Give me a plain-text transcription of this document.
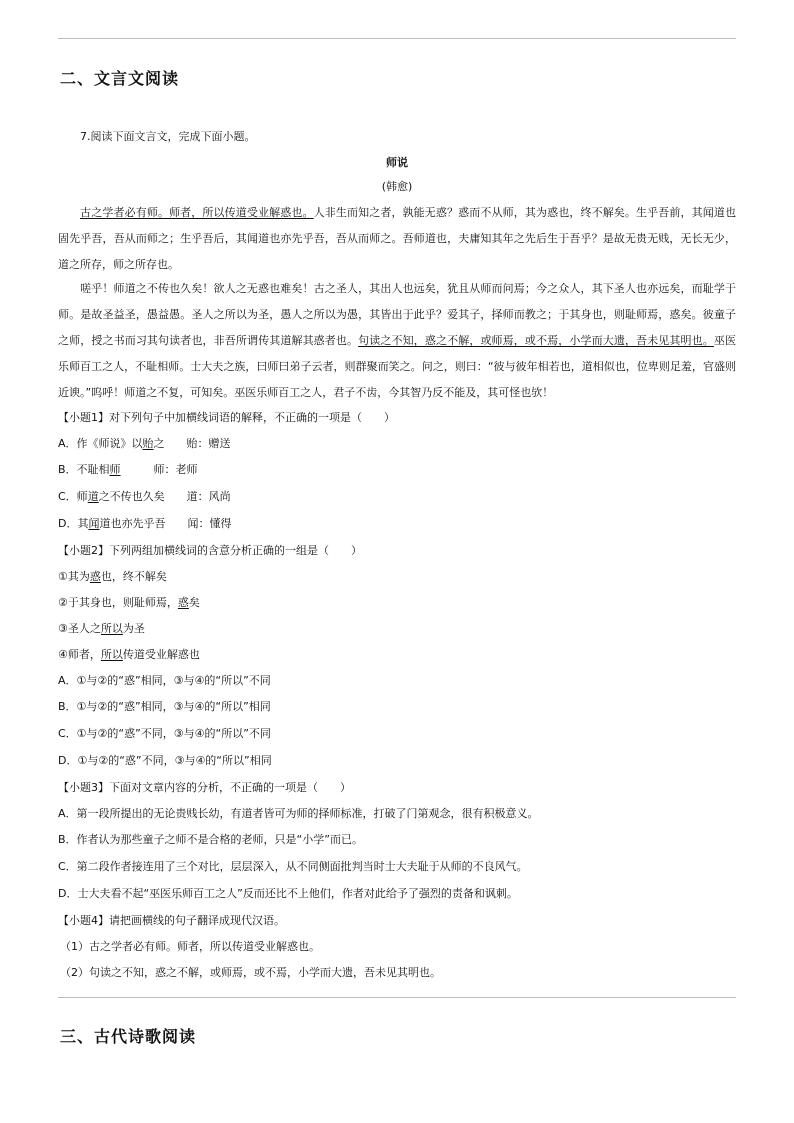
二、文言文阅读

7.阅读下面文言文，完成下面小题。

师说

(韩愈)

古之学者必有师。师者，所以传道受业解惑也。人非生而知之者，孰能无惑？惑而不从师，其为惑也，终不解矣。生乎吾前，其闻道也固先乎吾，吾从而师之；生乎吾后，其闻道也亦先乎吾，吾从而师之。吾师道也，夫庸知其年之先后生于吾乎？是故无贵无贱，无长无少，道之所存，师之所存也。

嗟乎！师道之不传也久矣！欲人之无惑也难矣！古之圣人，其出人也远矣，犹且从师而问焉；今之众人，其下圣人也亦远矣，而耻学于师。是故圣益圣，愚益愚。圣人之所以为圣，愚人之所以为愚，其皆出于此乎？爱其子，择师而教之；于其身也，则耻师焉，惑矣。彼童子之师，授之书而习其句读者也，非吾所谓传其道解其惑者也。句读之不知，惑之不解，或师焉，或不焉，小学而大遗，吾未见其明也。巫医乐师百工之人，不耻相师。士大夫之族，曰师曰弟子云者，则群聚而笑之。问之，则曰：“彼与彼年相若也，道相似也，位卑则足羞，官盛则近谀。”呜呼！师道之不复，可知矣。巫医乐师百工之人，君子不齿，今其智乃反不能及，其可怪也欤！

【小题1】对下列句子中加横线词语的解释，不正确的一项是（　　）

A．作《师说》以贻之　　贻：赠送

B．不耻相师　　　师：老师

C．师道之不传也久矣　　道：风尚

D．其闻道也亦先乎吾　　闻：懂得

【小题2】下列两组加横线词的含意分析正确的一组是（　　）

①其为惑也，终不解矣

②于其身也，则耻师焉，惑矣

③圣人之所以为圣

④师者，所以传道受业解惑也

A．①与②的“惑”相同，③与④的“所以”不同

B．①与②的“惑”相同，③与④的“所以”相同

C．①与②的“惑”不同，③与④的“所以”不同

D．①与②的“惑”不同，③与④的“所以”相同

【小题3】下面对文章内容的分析，不正确的一项是（　　）

A．第一段所提出的无论贵贱长幼，有道者皆可为师的择师标准，打破了门第观念，很有积极意义。

B．作者认为那些童子之师不是合格的老师，只是“小学”而已。

C．第二段作者接连用了三个对比，层层深入，从不同侧面批判当时士大夫耻于从师的不良风气。

D．士大夫看不起“巫医乐师百工之人”反而还比不上他们，作者对此给予了强烈的责备和讽刺。

【小题4】请把画横线的句子翻译成现代汉语。

（1）古之学者必有师。师者，所以传道受业解惑也。

（2）句读之不知，惑之不解，或师焉，或不焉，小学而大遗，吾未见其明也。

三、古代诗歌阅读
